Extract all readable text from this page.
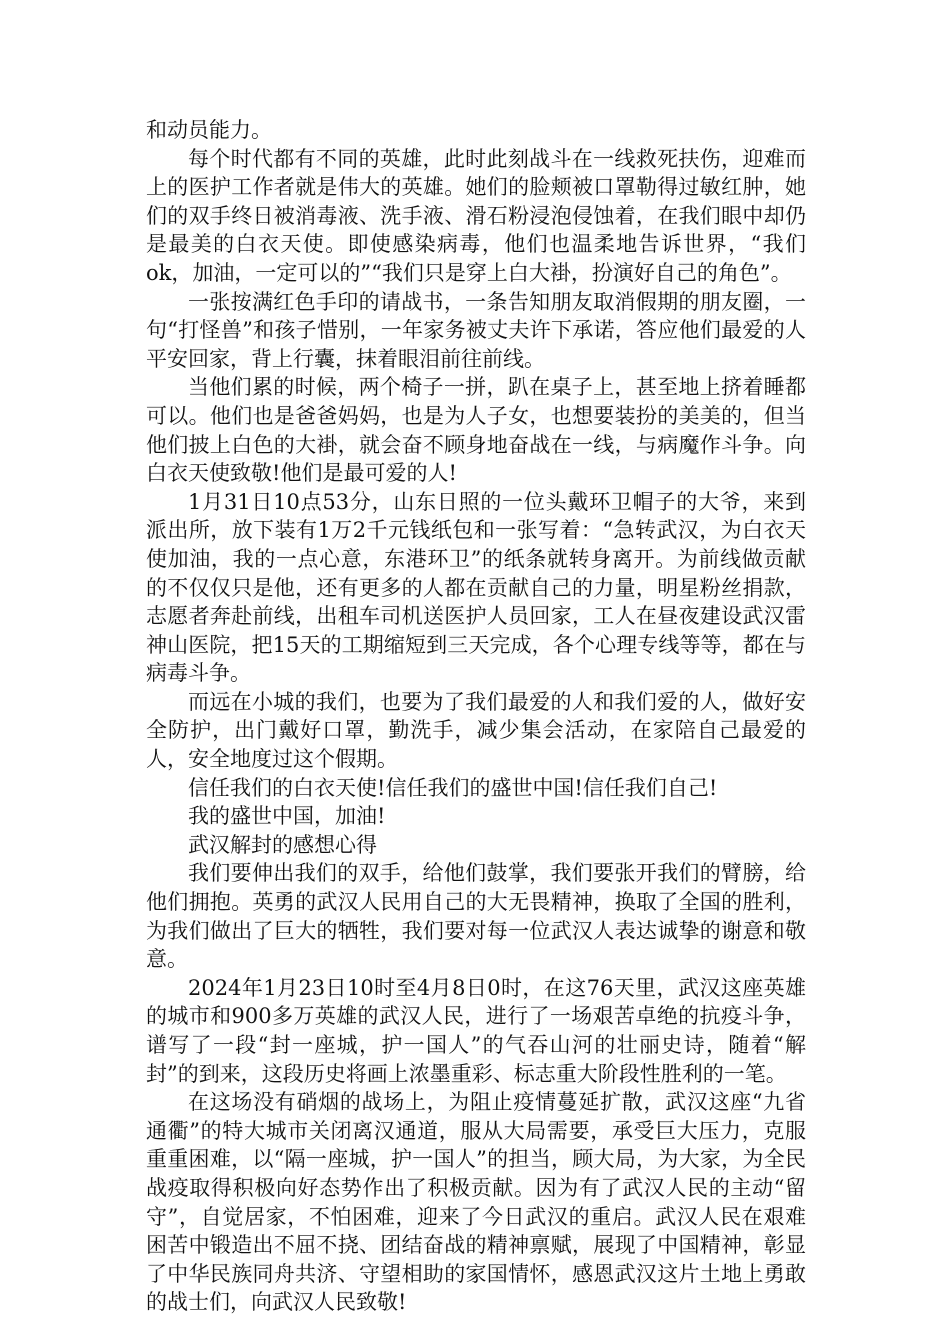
和动员能力。

每个时代都有不同的英雄，此时此刻战斗在一线救死扶伤，迎难而上的医护工作者就是伟大的英雄。她们的脸颊被口罩勒得过敏红肿，她们的双手终日被消毒液、洗手液、滑石粉浸泡侵蚀着，在我们眼中却仍是最美的白衣天使。即使感染病毒，他们也温柔地告诉世界，“我们ok，加油，一定可以的”“我们只是穿上白大褂，扮演好自己的角色”。

一张按满红色手印的请战书，一条告知朋友取消假期的朋友圈，一句“打怪兽”和孩子惜别，一年家务被丈夫许下承诺，答应他们最爱的人平安回家，背上行囊，抹着眼泪前往前线。

当他们累的时候，两个椅子一拼，趴在桌子上，甚至地上挤着睡都可以。他们也是爸爸妈妈，也是为人子女，也想要装扮的美美的，但当他们披上白色的大褂，就会奋不顾身地奋战在一线，与病魔作斗争。向白衣天使致敬!他们是最可爱的人!

1月31日10点53分，山东日照的一位头戴环卫帽子的大爷，来到派出所，放下装有1万2千元钱纸包和一张写着：“急转武汉，为白衣天使加油，我的一点心意，东港环卫”的纸条就转身离开。为前线做贡献的不仅仅只是他，还有更多的人都在贡献自己的力量，明星粉丝捐款，志愿者奔赴前线，出租车司机送医护人员回家，工人在昼夜建设武汉雷神山医院，把15天的工期缩短到三天完成，各个心理专线等等，都在与病毒斗争。

而远在小城的我们，也要为了我们最爱的人和我们爱的人，做好安全防护，出门戴好口罩，勤洗手，减少集会活动，在家陪自己最爱的人，安全地度过这个假期。

信任我们的白衣天使!信任我们的盛世中国!信任我们自己!

我的盛世中国，加油!

武汉解封的感想心得

我们要伸出我们的双手，给他们鼓掌，我们要张开我们的臂膀，给他们拥抱。英勇的武汉人民用自己的大无畏精神，换取了全国的胜利，为我们做出了巨大的牺牲，我们要对每一位武汉人表达诚挚的谢意和敬意。

2024年1月23日10时至4月8日0时，在这76天里，武汉这座英雄的城市和900多万英雄的武汉人民，进行了一场艰苦卓绝的抗疫斗争，谱写了一段“封一座城，护一国人”的气吞山河的壮丽史诗，随着“解封”的到来，这段历史将画上浓墨重彩、标志重大阶段性胜利的一笔。

在这场没有硝烟的战场上，为阻止疫情蔓延扩散，武汉这座“九省通衢”的特大城市关闭离汉通道，服从大局需要，承受巨大压力，克服重重困难，以“隔一座城，护一国人”的担当，顾大局，为大家，为全民战疫取得积极向好态势作出了积极贡献。因为有了武汉人民的主动“留守”，自觉居家，不怕困难，迎来了今日武汉的重启。武汉人民在艰难困苦中锻造出不屈不挠、团结奋战的精神禀赋，展现了中国精神，彰显了中华民族同舟共济、守望相助的家国情怀，感恩武汉这片土地上勇敢的战士们，向武汉人民致敬!
